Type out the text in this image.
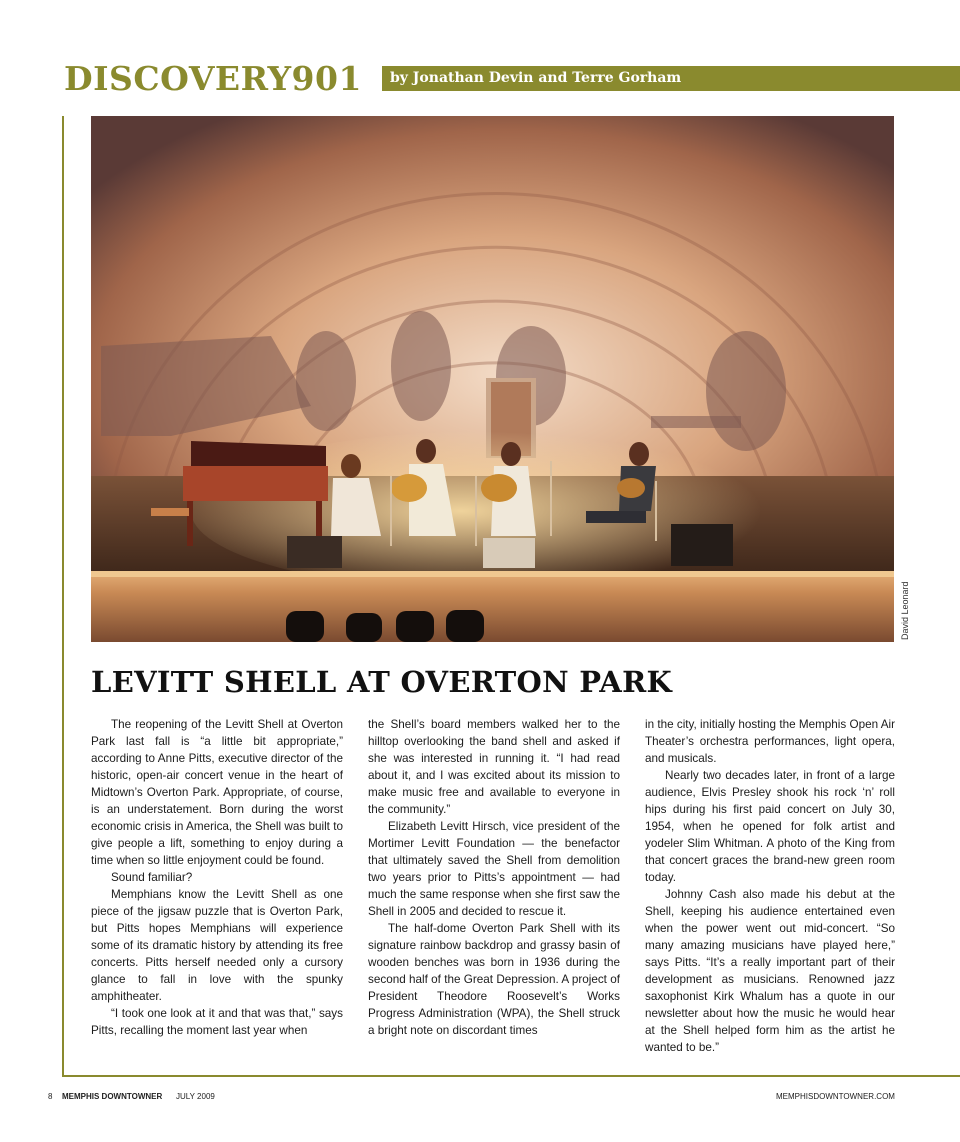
DISCOVERY901 by Jonathan Devin and Terre Gorham
David Leonard
LEVITT SHELL AT OVERTON PARK

The reopening of the Levitt Shell at Overton Park last fall is “a little bit appropriate,” according to Anne Pitts, executive director of the historic, open-air concert venue in the heart of Midtown’s Overton Park. Appropriate, of course, is an understatement. Born during the worst economic crisis in America, the Shell was built to give people a lift, something to enjoy during a time when so little enjoyment could be found.

Sound familiar?

Memphians know the Levitt Shell as one piece of the jigsaw puzzle that is Overton Park, but Pitts hopes Memphians will experience some of its dramatic history by attending its free concerts. Pitts herself needed only a cursory glance to fall in love with the spunky amphitheater.

“I took one look at it and that was that,” says Pitts, recalling the moment last year when

the Shell’s board members walked her to the hilltop overlooking the band shell and asked if she was interested in running it. “I had read about it, and I was excited about its mission to make music free and available to everyone in the community.”

Elizabeth Levitt Hirsch, vice president of the Mortimer Levitt Foundation — the benefactor that ultimately saved the Shell from demolition two years prior to Pitts’s appointment — had much the same response when she first saw the Shell in 2005 and decided to rescue it.

The half-dome Overton Park Shell with its signature rainbow backdrop and grassy basin of wooden benches was born in 1936 during the second half of the Great Depression. A project of President Theodore Roosevelt’s Works Progress Administration (WPA), the Shell struck a bright note on discordant times

in the city, initially hosting the Memphis Open Air Theater’s orchestra performances, light opera, and musicals.

Nearly two decades later, in front of a large audience, Elvis Presley shook his rock ‘n’ roll hips during his first paid concert on July 30, 1954, when he opened for folk artist and yodeler Slim Whitman. A photo of the King from that concert graces the brand-new green room today.

Johnny Cash also made his debut at the Shell, keeping his audience entertained even when the power went out mid-concert. “So many amazing musicians have played here,” says Pitts. “It’s a really important part of their development as musicians. Renowned jazz saxophonist Kirk Whalum has a quote in our newsletter about how the music he would hear at the Shell helped form him as the artist he wanted to be.”

8 MEMPHIS DOWNTOWNER JULY 2009	MEMPHISDOWNTOWNER.COM
